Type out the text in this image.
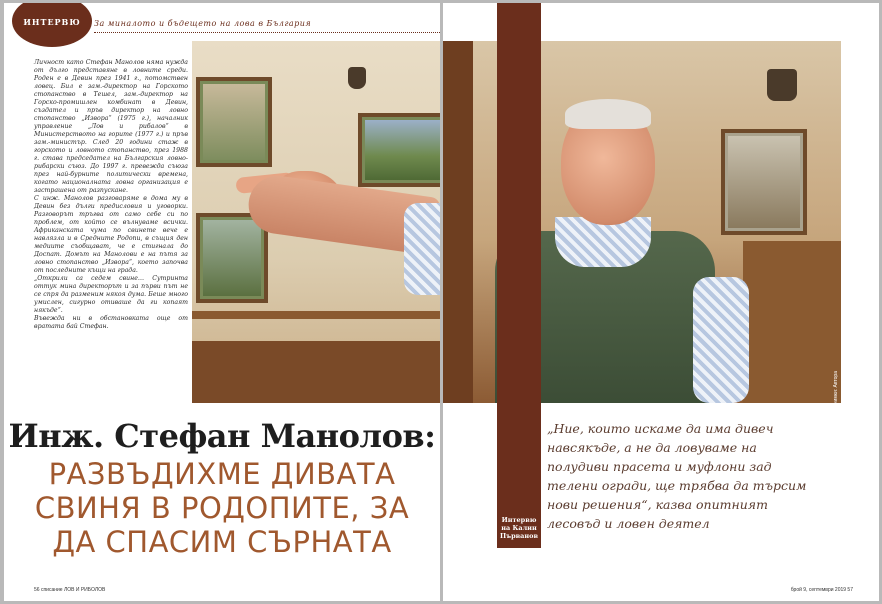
ИНТЕРВЮ За миналото и бъдещето на лова в България

Личност като Стефан Манолов няма нужда от дълго представяне в ловните среди. Роден е в Девин през 1941 г., потомствен ловец. Бил е зам.-директор на Горското стопанство в Тешел, зам.-директор на Горско-промишлен комбинат в Девин, създател и пръв директор на ловно стопанство „Извора“ (1975 г.), началник управление „Лов и рибалов“ в Министерството на горите (1977 г.) и пръв зам.-министър. След 20 години стаж в горското и ловното стопанство, през 1988 г. става председател на Българския ловно-рибарски съюз. До 1997 г. превежда съюза през най-бурните политически времена, когато националната ловна организация е застрашена от разпускане.

С инж. Манолов разговаряме в дома му в Девин без дълги предисловия и уговорки. Разговорът тръгва от само себе си по проблем, от който се вълнуваме всички. Африканската чума по свинете вече е навлязла и в Средните Родопи, в същия ден медиите съобщават, че е стигнала до Доспат. Домът на Манолови е на пътя за ловно стопанство „Извора“, което започва от последните къщи на града.

„Открили са седем свине… Сутринта оттук мина директорът и за първи път не се спря да разменим някоя дума. Беше много умислен, сигурно отиваше да ги копаят някъде“.

Въвежда ни в обстановката още от вратата бай Стефан.

Инж. Стефан Манолов:
РАЗВЪДИХМЕ ДИВАТА СВИНЯ В РОДОПИТЕ, ЗА ДА СПАСИМ СЪРНАТА
56 списание ЛОВ И РИБОЛОВ
Снимки: Автора
Интервю на Калин Първанов
„Ние, които искаме да има дивеч навсякъде, а не да ловуваме на полудиви прасета и муфлони зад телени огради, ще трябва да търсим нови решения“, казва опитният лесовъд и ловен деятел
брой 9, септември 2019 57
